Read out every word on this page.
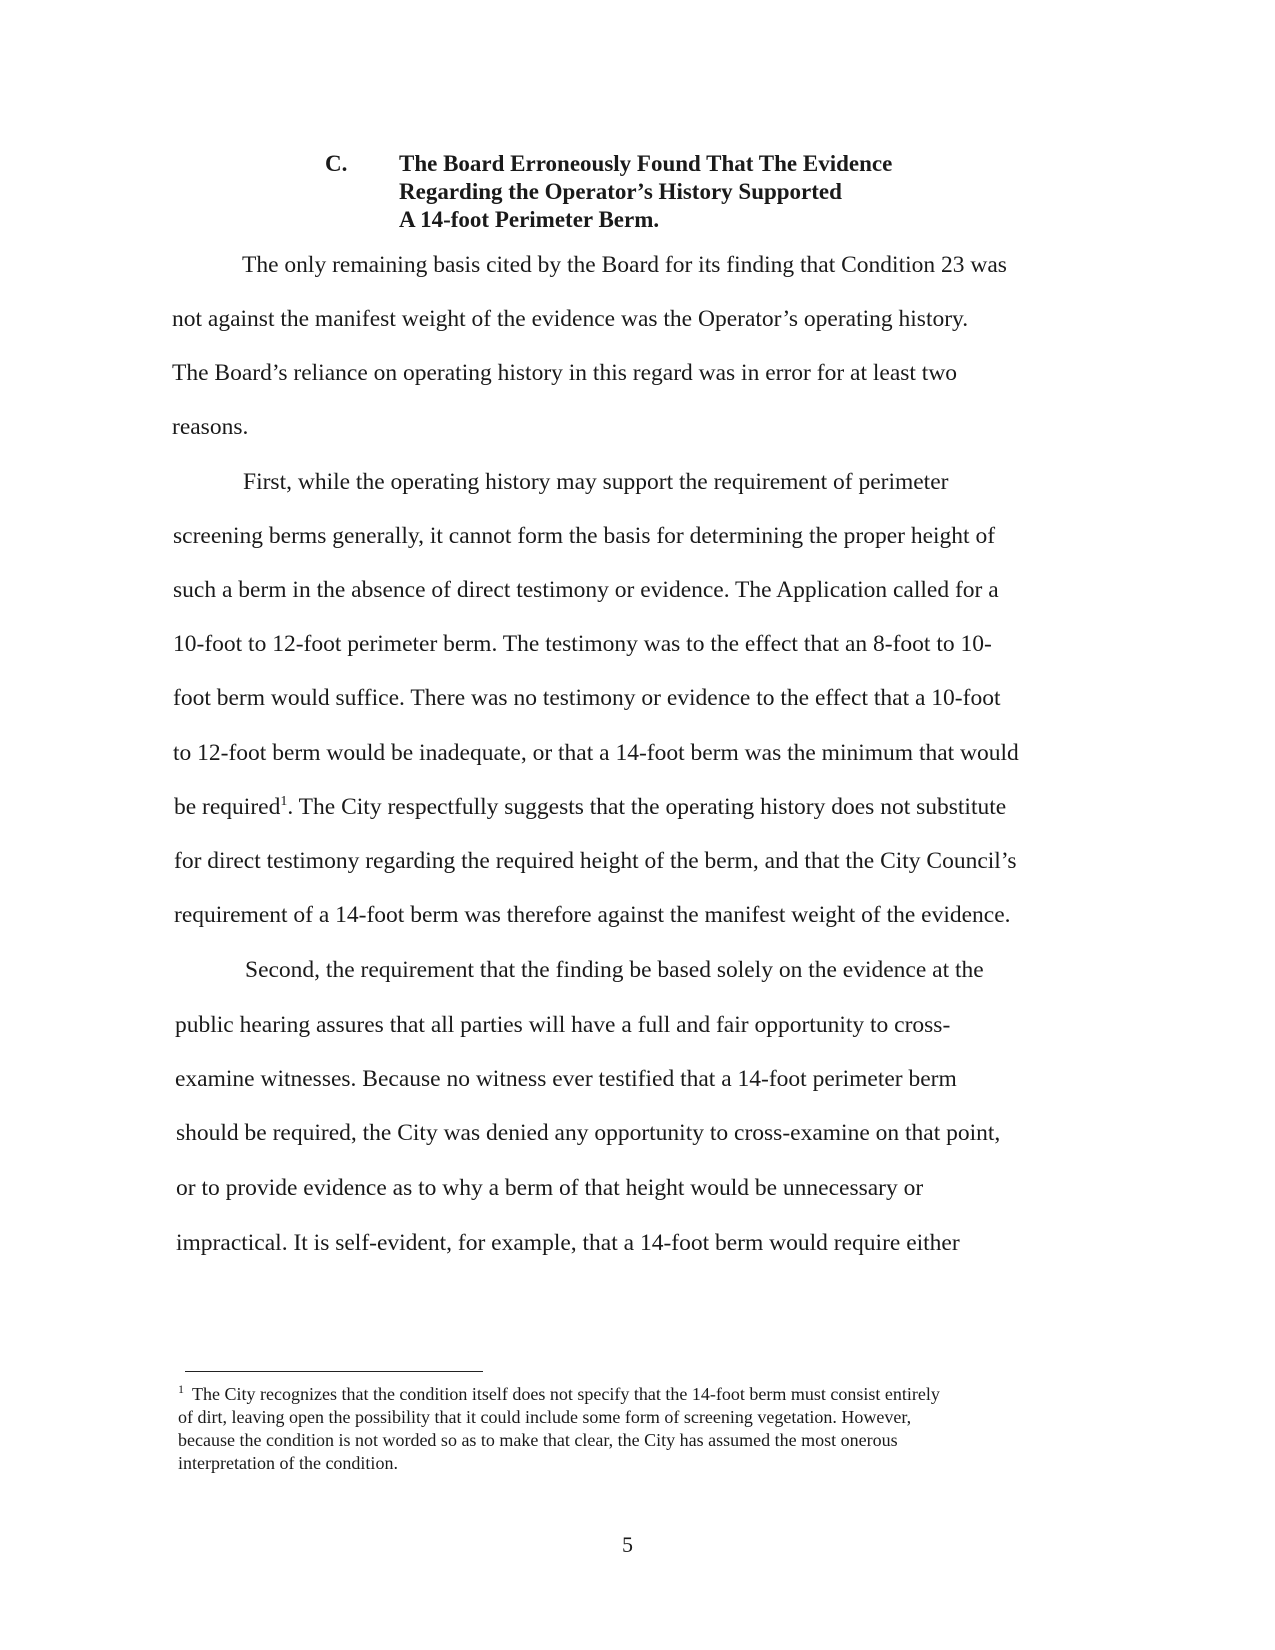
C. The Board Erroneously Found That The Evidence
Regarding the Operator’s History Supported
A 14-foot Perimeter Berm.
The only remaining basis cited by the Board for its finding that Condition 23 was
not against the manifest weight of the evidence was the Operator’s operating history.
The Board’s reliance on operating history in this regard was in error for at least two
reasons.
First, while the operating history may support the requirement of perimeter
screening berms generally, it cannot form the basis for determining the proper height of
such a berm in the absence of direct testimony or evidence. The Application called for a
10-foot to 12-foot perimeter berm. The testimony was to the effect that an 8-foot to 10-
foot berm would suffice. There was no testimony or evidence to the effect that a 10-foot
to 12-foot berm would be inadequate, or that a 14-foot berm was the minimum that would
be required$^1$. The City respectfully suggests that the operating history does not substitute
for direct testimony regarding the required height of the berm, and that the City Council’s
requirement of a 14-foot berm was therefore against the manifest weight of the evidence.
Second, the requirement that the finding be based solely on the evidence at the
public hearing assures that all parties will have a full and fair opportunity to cross-
examine witnesses. Because no witness ever testified that a 14-foot perimeter berm
should be required, the City was denied any opportunity to cross-examine on that point,
or to provide evidence as to why a berm of that height would be unnecessary or
impractical. It is self-evident, for example, that a 14-foot berm would require either
$^1$ The City recognizes that the condition itself does not specify that the 14-foot berm must consist entirely
of dirt, leaving open the possibility that it could include some form of screening vegetation. However,
because the condition is not worded so as to make that clear, the City has assumed the most onerous
interpretation of the condition.
5
